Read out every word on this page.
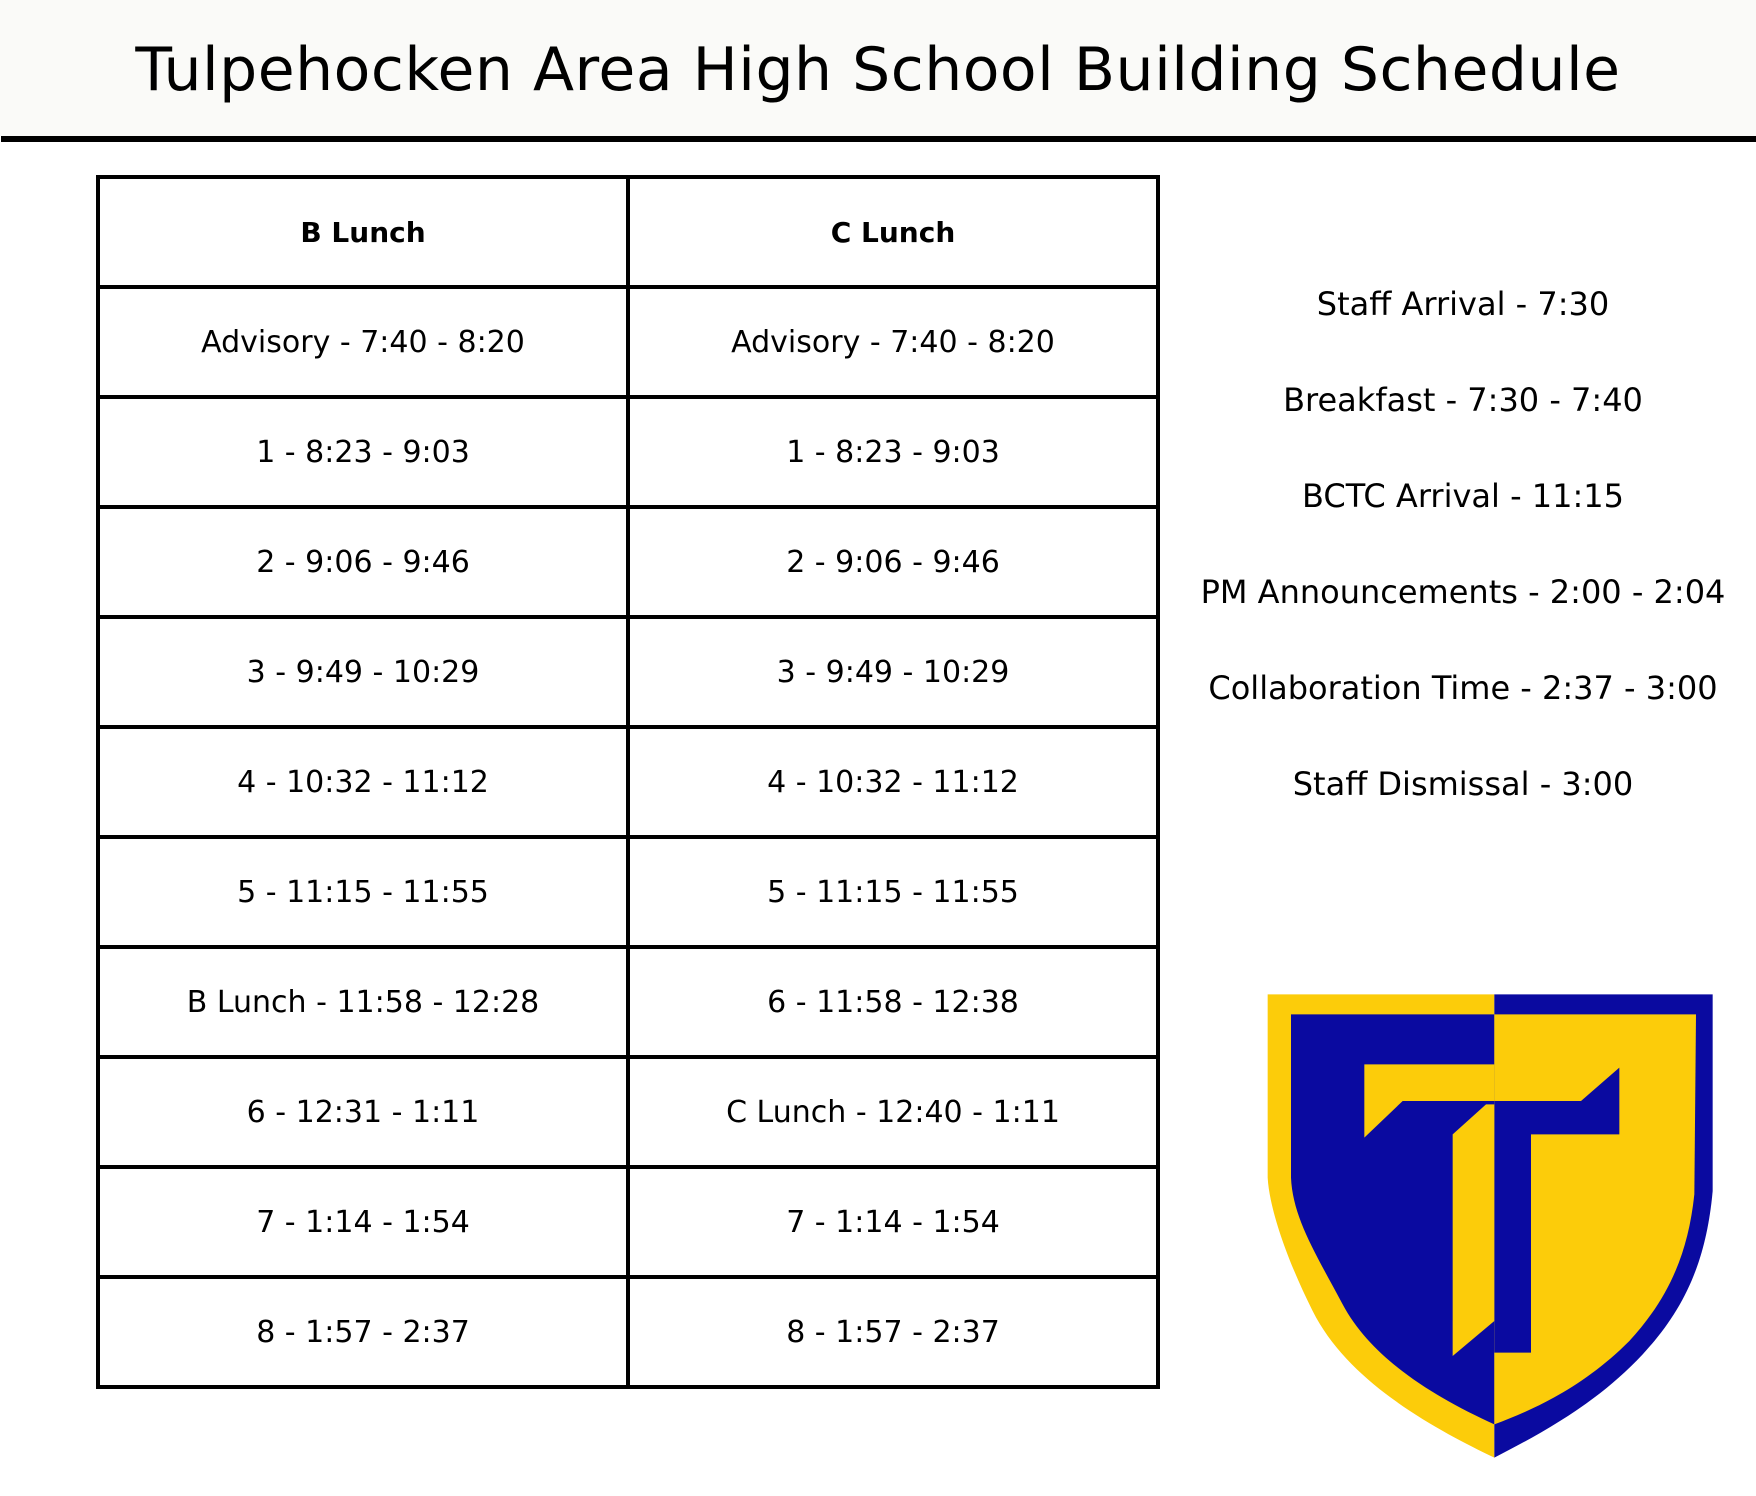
Tulpehocken Area High School Building Schedule
B Lunch	C Lunch
Advisory - 7:40 - 8:20	Advisory - 7:40 - 8:20
1 - 8:23 - 9:03	1 - 8:23 - 9:03
2 - 9:06 - 9:46	2 - 9:06 - 9:46
3 - 9:49 - 10:29	3 - 9:49 - 10:29
4 - 10:32 - 11:12	4 - 10:32 - 11:12
5 - 11:15 - 11:55	5 - 11:15 - 11:55
B Lunch - 11:58 - 12:28	6 - 11:58 - 12:38
6 - 12:31 - 1:11	C Lunch - 12:40 - 1:11
7 - 1:14 - 1:54	7 - 1:14 - 1:54
8 - 1:57 - 2:37	8 - 1:57 - 2:37
Staff Arrival - 7:30
Breakfast - 7:30 - 7:40
BCTC Arrival - 11:15
PM Announcements - 2:00 - 2:04
Collaboration Time - 2:37 - 3:00
Staff Dismissal - 3:00
